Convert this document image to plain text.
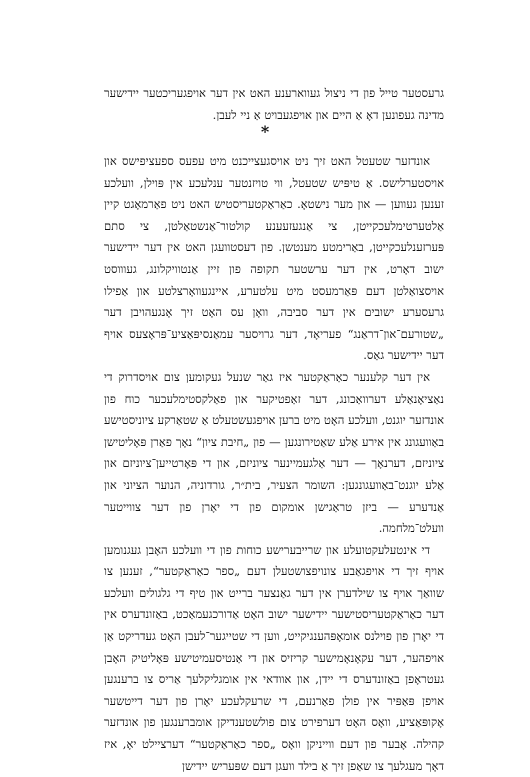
גרעסטער טייל פון די ניצול געווארענע האט אין דער אויפגעריכטער יידישער מדינה געפונען דאָ אַ היים און אויפגעבויט אַ ניי לעבן.

*

אונדזער שטעטל האט זיך ניט אויסגעצייכנט מיט עפעס ספעציפישס און אויסטערלישס. אַ טיפּיש שטעטל, ווי טויזנטער ענלעכע אין פּוילן, וועלכע זענען געווען — און מער נישטאָ. כאַראַקטעריסטיש האט ניט פאַרמאָגט קיין אַלטערטימלעכקייטן, צי אַנגעזעענע קולטור־אַנשטאַלטן, צי סתם פּערזענלעכקייטן, באַרימטע מענטשן. פון דעסטוועגן האט אין דער יידישער ישוב דאָרט, אין דער ערשטער תקופה פון זיין אַנטוויקלונג, געוווסט אויסצואַלטן דעם פּאַרמעסט מיט עלטערע, איינגעוואָרצלטע און אַפילו גרעסערע ישובים אין דער סביבה, וואָן עס האָט זיך אָנגעהויבן דער „שטורעם־און־דראַנג“ פעריאָד, דער גרויסער עמאַנסיפּאַציע־פּראָצעס אויף דער יידישער גאַס.

אין דער קלענער כאַראַקטער איז גאַר שנעל געקומען צום אויסדרוק די נאַציאָנאַלע דערוואַכונג, דער זאַפטיקער און פאַלקסטימלעכער כוח פון אונדזער יוגנט, וועלכע האָט מיט ברען אויפגעשטעלט אַ שטאַרקע ציוניסטישע באַוועגונג אין אירע אַלע שאַטירונגען — פון „חיבת ציון“ נאָך פאַרן פּאָליטישן ציוניזם, דערנאָך — דער אַלגעמיינער ציוניזם, און די פּאָרטייען־ציוניזם און אַלע יוגנט־באַוועגונגען: השומר הצעיר, בית״ר, גורדוניה, הנוער הציוני און אַנדערע — ביזן טראַגישן אומקום פון די יאָרן פון דער צווייטער וועלט־מלחמה.

די אינטעלעקטועלע און שרייבערישע כוחות פון די וועלכע האָבן געגנומען אויף זיך די אויפגאַבע צונויפצושטעלן דעם „ספר כאַראַקטער“, זענען צו שוואַך אויף צו שילדערן אין דער גאַנצער ברייט און טיף די גלגולים וועלכע דער כאַראַקטעריסטישער יידישער ישוב האָט אַדורכגעמאַכט, באַזונדערס אין די יאָרן פון פוילנס אומאָפּהענגיקייט, ווען די שטייגער־לעבן האָט געדריקט אַן אויפהער, דער עקאָנאָמישער קריזיס און די אַנטיסעמיטישע פּאָליטיק האָבן געטראָפן באַזונדערס די יידן, און אוודאי אין אומגליקלעך אַריס צו ברענגען אויפן פּאַפּיר אין פולן פאַרנעם, די שרעקלעכע יאָרן פון דער דייטשער אָקופּאַציע, וואָס האָט דערפירט צום פולשטענדיקן אומברענגען פון אונדזער קהילה. אָבער פון דעם ווייניקן וואָס „ספר כאַראַקטער“ דערציילט יאָ, איז דאָך מעגלעך צו שאַפן זיך אַ בילד וועגן דעם שפּעריש יידישן
